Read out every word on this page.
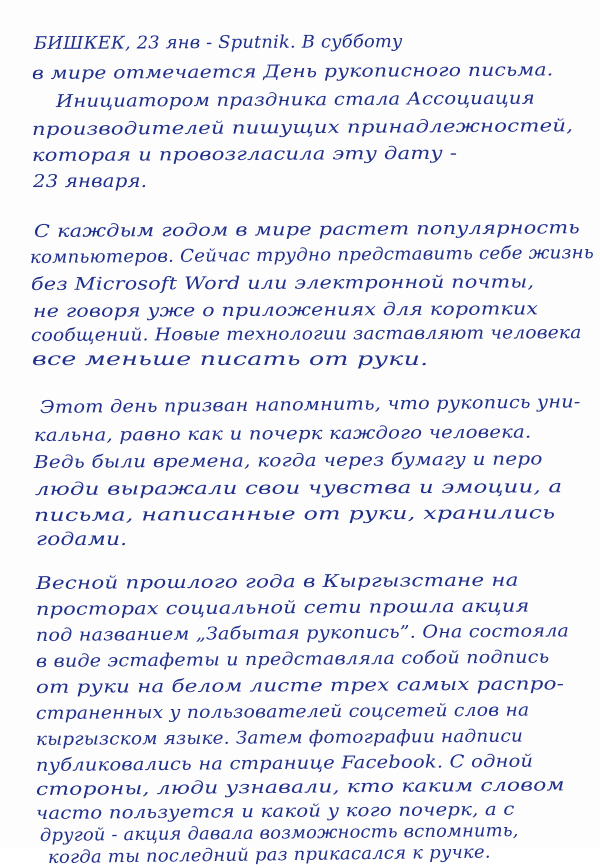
БИШКЕК, 23 янв - Sputnik. В субботу
в мире отмечается День рукописного письма.
Инициатором праздника стала Ассоциация
производителей пишущих принадлежностей,
которая и провозгласила эту дату -
23 января.
С каждым годом в мире растет популярность
компьютеров. Сейчас трудно представить себе жизнь
без Microsoft Word или электронной почты,
не говоря уже о приложениях для коротких
сообщений. Новые технологии заставляют человека
все меньше писать от руки.
Этот день призван напомнить, что рукопись уни-
кальна, равно как и почерк каждого человека.
Ведь были времена, когда через бумагу и перо
люди выражали свои чувства и эмоции, а
письма, написанные от руки, хранились
годами.
Весной прошлого года в Кыргызстане на
просторах социальной сети прошла акция
под названием „Забытая рукопись”. Она состояла
в виде эстафеты и представляла собой подпись
от руки на белом листе трех самых распро-
страненных у пользователей соцсетей слов на
кыргызском языке. Затем фотографии надписи
публиковались на странице Facebook. С одной
стороны, люди узнавали, кто каким словом
часто пользуется и какой у кого почерк, а с
другой - акция давала возможность вспомнить,
когда ты последний раз прикасался к ручке.
